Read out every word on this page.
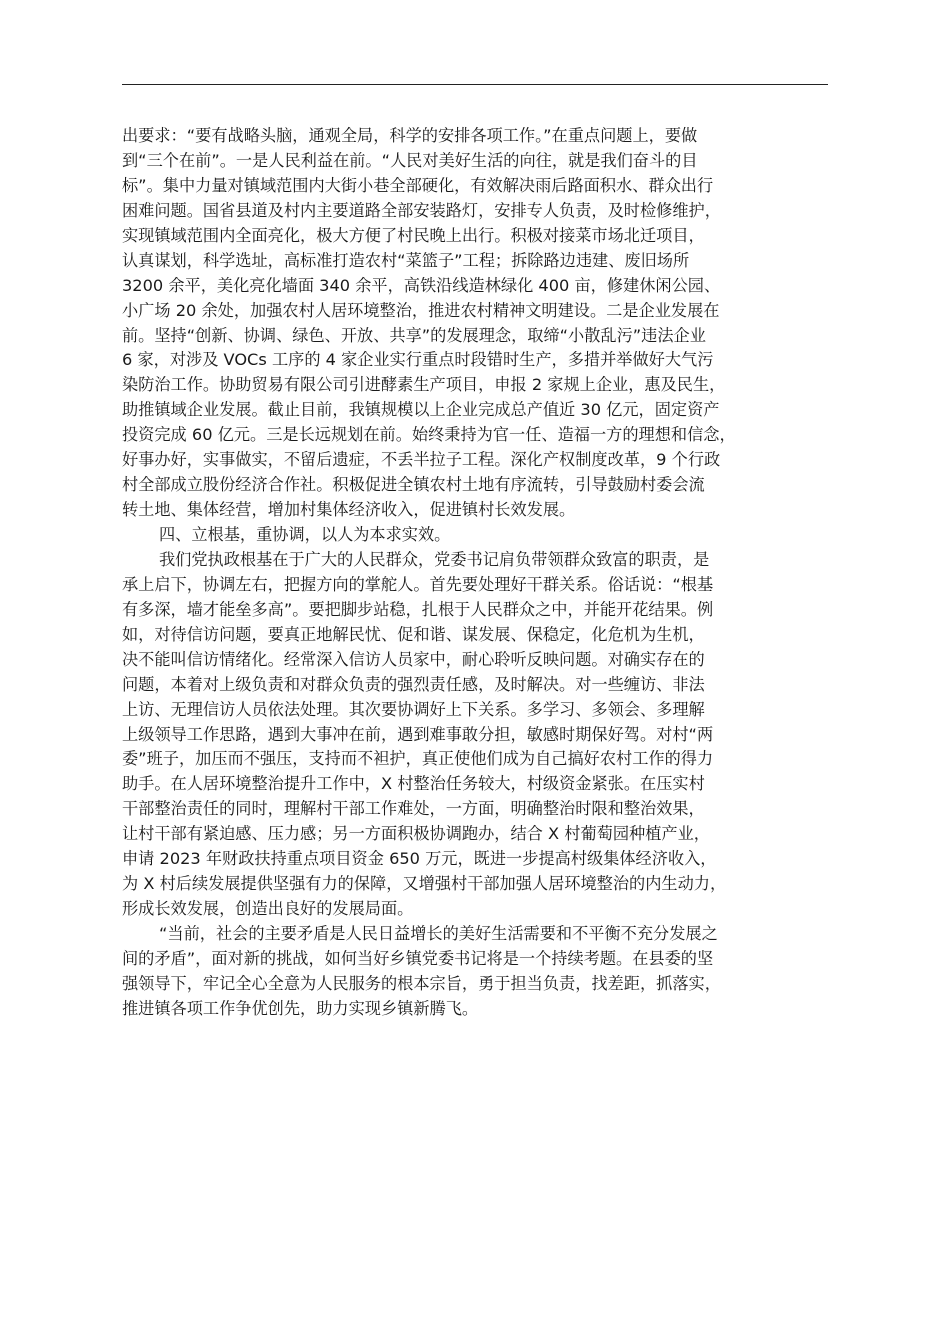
出要求：“要有战略头脑，通观全局，科学的安排各项工作。”在重点问题上，要做
到“三个在前”。一是人民利益在前。“人民对美好生活的向往，就是我们奋斗的目
标”。集中力量对镇域范围内大街小巷全部硬化，有效解决雨后路面积水、群众出行
困难问题。国省县道及村内主要道路全部安装路灯，安排专人负责，及时检修维护，
实现镇域范围内全面亮化，极大方便了村民晚上出行。积极对接菜市场北迁项目，
认真谋划，科学选址，高标准打造农村“菜篮子”工程；拆除路边违建、废旧场所
3200 余平，美化亮化墙面 340 余平，高铁沿线造林绿化 400 亩，修建休闲公园、
小广场 20 余处，加强农村人居环境整治，推进农村精神文明建设。二是企业发展在
前。坚持“创新、协调、绿色、开放、共享”的发展理念，取缔“小散乱污”违法企业
6 家，对涉及 VOCs 工序的 4 家企业实行重点时段错时生产，多措并举做好大气污
染防治工作。协助贸易有限公司引进酵素生产项目，申报 2 家规上企业，惠及民生，
助推镇域企业发展。截止目前，我镇规模以上企业完成总产值近 30 亿元，固定资产
投资完成 60 亿元。三是长远规划在前。始终秉持为官一任、造福一方的理想和信念，
好事办好，实事做实，不留后遗症，不丢半拉子工程。深化产权制度改革，9 个行政
村全部成立股份经济合作社。积极促进全镇农村土地有序流转，引导鼓励村委会流
转土地、集体经营，增加村集体经济收入，促进镇村长效发展。
四、立根基，重协调，以人为本求实效。
我们党执政根基在于广大的人民群众，党委书记肩负带领群众致富的职责，是
承上启下，协调左右，把握方向的掌舵人。首先要处理好干群关系。俗话说：“根基
有多深，墙才能垒多高”。要把脚步站稳，扎根于人民群众之中，并能开花结果。例
如，对待信访问题，要真正地解民忧、促和谐、谋发展、保稳定，化危机为生机，
决不能叫信访情绪化。经常深入信访人员家中，耐心聆听反映问题。对确实存在的
问题，本着对上级负责和对群众负责的强烈责任感，及时解决。对一些缠访、非法
上访、无理信访人员依法处理。其次要协调好上下关系。多学习、多领会、多理解
上级领导工作思路，遇到大事冲在前，遇到难事敢分担，敏感时期保好驾。对村“两
委”班子，加压而不强压，支持而不袒护，真正使他们成为自己搞好农村工作的得力
助手。在人居环境整治提升工作中，X 村整治任务较大，村级资金紧张。在压实村
干部整治责任的同时，理解村干部工作难处，一方面，明确整治时限和整治效果，
让村干部有紧迫感、压力感；另一方面积极协调跑办，结合 X 村葡萄园种植产业，
申请 2023 年财政扶持重点项目资金 650 万元，既进一步提高村级集体经济收入，
为 X 村后续发展提供坚强有力的保障，又增强村干部加强人居环境整治的内生动力，
形成长效发展，创造出良好的发展局面。
“当前，社会的主要矛盾是人民日益增长的美好生活需要和不平衡不充分发展之
间的矛盾”，面对新的挑战，如何当好乡镇党委书记将是一个持续考题。在县委的坚
强领导下，牢记全心全意为人民服务的根本宗旨，勇于担当负责，找差距，抓落实，
推进镇各项工作争优创先，助力实现乡镇新腾飞。
